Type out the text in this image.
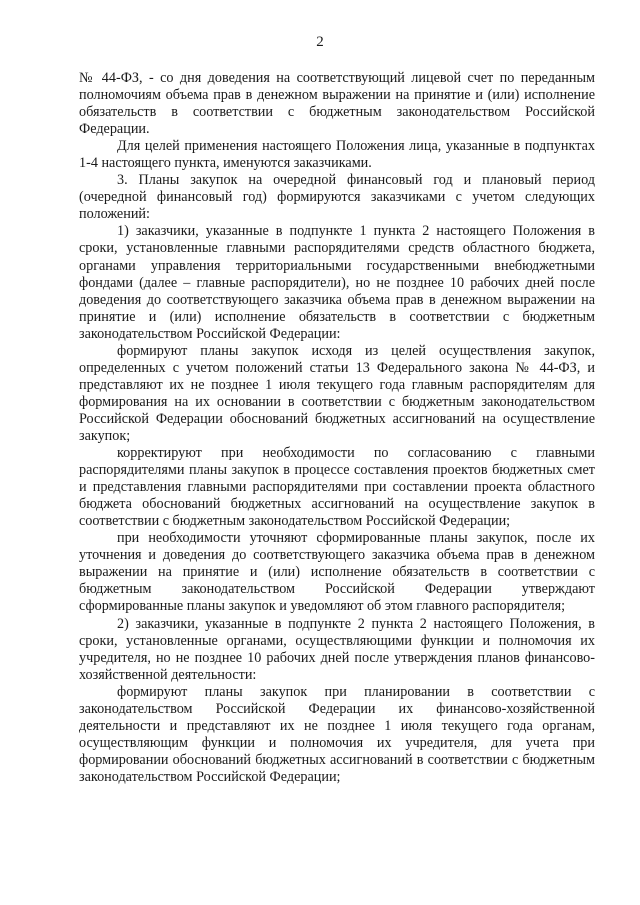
2

№ 44-ФЗ, - со дня доведения на соответствующий лицевой счет по переданным полномочиям объема прав в денежном выражении на принятие и (или) исполнение обязательств в соответствии с бюджетным законодательством Российской Федерации.

Для целей применения настоящего Положения лица, указанные в подпунктах 1-4 настоящего пункта, именуются заказчиками.

3. Планы закупок на очередной финансовый год и плановый период (очередной финансовый год) формируются заказчиками с учетом следующих положений:

1) заказчики, указанные в подпункте 1 пункта 2 настоящего Положения в сроки, установленные главными распорядителями средств областного бюджета, органами управления территориальными государственными внебюджетными фондами (далее – главные распорядители), но не позднее 10 рабочих дней после доведения до соответствующего заказчика объема прав в денежном выражении на принятие и (или) исполнение обязательств в соответствии с бюджетным законодательством Российской Федерации:

формируют планы закупок исходя из целей осуществления закупок, определенных с учетом положений статьи 13 Федерального закона № 44-ФЗ, и представляют их не позднее 1 июля текущего года главным распорядителям для формирования на их основании в соответствии с бюджетным законодательством Российской Федерации обоснований бюджетных ассигнований на осуществление закупок;

корректируют при необходимости по согласованию с главными распорядителями планы закупок в процессе составления проектов бюджетных смет и представления главными распорядителями при составлении проекта областного бюджета обоснований бюджетных ассигнований на осуществление закупок в соответствии с бюджетным законодательством Российской Федерации;

при необходимости уточняют сформированные планы закупок, после их уточнения и доведения до соответствующего заказчика объема прав в денежном выражении на принятие и (или) исполнение обязательств в соответствии с бюджетным законодательством Российской Федерации утверждают сформированные планы закупок и уведомляют об этом главного распорядителя;

2) заказчики, указанные в подпункте 2 пункта 2 настоящего Положения, в сроки, установленные органами, осуществляющими функции и полномочия их учредителя, но не позднее 10 рабочих дней после утверждения планов финансово-хозяйственной деятельности:

формируют планы закупок при планировании в соответствии с законодательством Российской Федерации их финансово-хозяйственной деятельности и представляют их не позднее 1 июля текущего года органам, осуществляющим функции и полномочия их учредителя, для учета при формировании обоснований бюджетных ассигнований в соответствии с бюджетным законодательством Российской Федерации;
